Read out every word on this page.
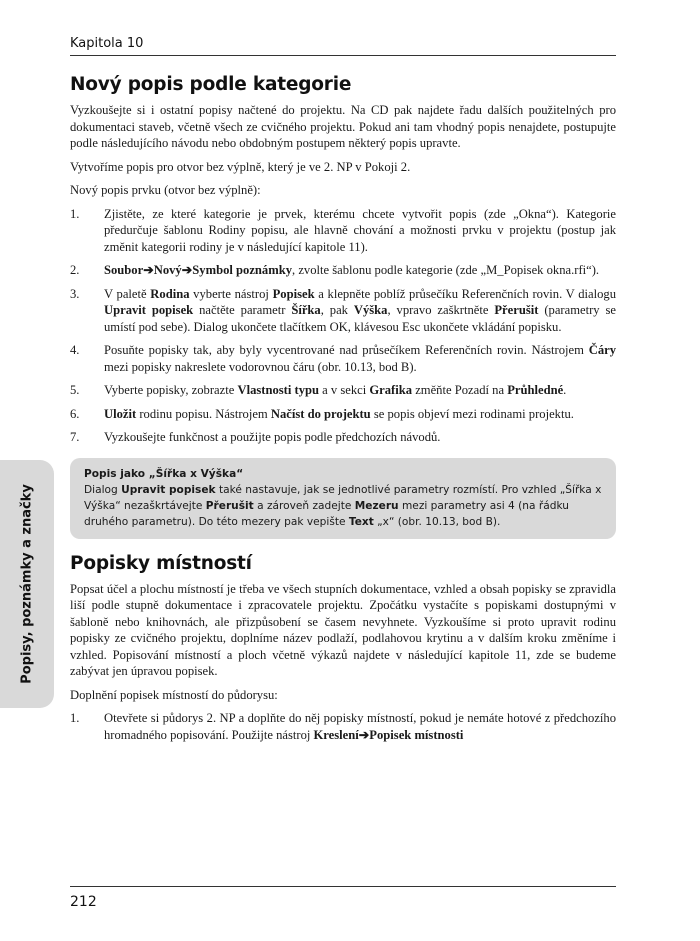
Kapitola 10
Popisy, poznámky a značky
Nový popis podle kategorie

Vyzkoušejte si i ostatní popisy načtené do projektu. Na CD pak najdete řadu dalších použitelných pro dokumentaci staveb, včetně všech ze cvičného projektu. Pokud ani tam vhodný popis nenajdete, postupujte podle následujícího návodu nebo obdobným postupem některý popis upravte.

Vytvoříme popis pro otvor bez výplně, který je ve 2. NP v Pokoji 2.

Nový popis prvku (otvor bez výplně):

1. Zjistěte, ze které kategorie je prvek, kterému chcete vytvořit popis (zde „Okna“). Kategorie předurčuje šablonu Rodiny popisu, ale hlavně chování a možnosti prvku v projektu (postup jak změnit kategorii rodiny je v následující kapitole 11).
2. Soubor➔Nový➔Symbol poznámky, zvolte šablonu podle kategorie (zde „M_Popisek okna.rfi“).
3. V paletě Rodina vyberte nástroj Popisek a klepněte poblíž průsečíku Referenčních rovin. V dialogu Upravit popisek načtěte parametr Šířka, pak Výška, vpravo zaškrtněte Přerušit (parametry se umístí pod sebe). Dialog ukončete tlačítkem OK, klávesou Esc ukončete vkládání popisku.
4. Posuňte popisky tak, aby byly vycentrované nad průsečíkem Referenčních rovin. Nástrojem Čáry mezi popisky nakreslete vodorovnou čáru (obr. 10.13, bod B).
5. Vyberte popisky, zobrazte Vlastnosti typu a v sekci Grafika změňte Pozadí na Průhledné.
6. Uložit rodinu popisu. Nástrojem Načíst do projektu se popis objeví mezi rodinami projektu.
7. Vyzkoušejte funkčnost a použijte popis podle předchozích návodů.
Popis jako „Šířka x Výška“
Dialog Upravit popisek také nastavuje, jak se jednotlivé parametry rozmístí. Pro vzhled „Šířka x Výška“ nezaškrtávejte Přerušit a zároveň zadejte Mezeru mezi parametry asi 4 (na řádku druhého parametru). Do této mezery pak vepište Text „x“ (obr. 10.13, bod B).
Popisky místností

Popsat účel a plochu místností je třeba ve všech stupních dokumentace, vzhled a obsah popisky se zpravidla liší podle stupně dokumentace i zpracovatele projektu. Zpočátku vystačíte s popiskami dostupnými v šabloně nebo knihovnách, ale přizpůsobení se časem nevyhnete. Vyzkoušíme si proto upravit rodinu popisky ze cvičného projektu, doplníme název podlaží, podlahovou krytinu a v dalším kroku změníme i vzhled. Popisování místností a ploch včetně výkazů najdete v následující kapitole 11, zde se budeme zabývat jen úpravou popisek.

Doplnění popisek místností do půdorysu:

1. Otevřete si půdorys 2. NP a doplňte do něj popisky místností, pokud je nemáte hotové z předchozího hromadného popisování. Použijte nástroj Kreslení➔Popisek místnosti
212
